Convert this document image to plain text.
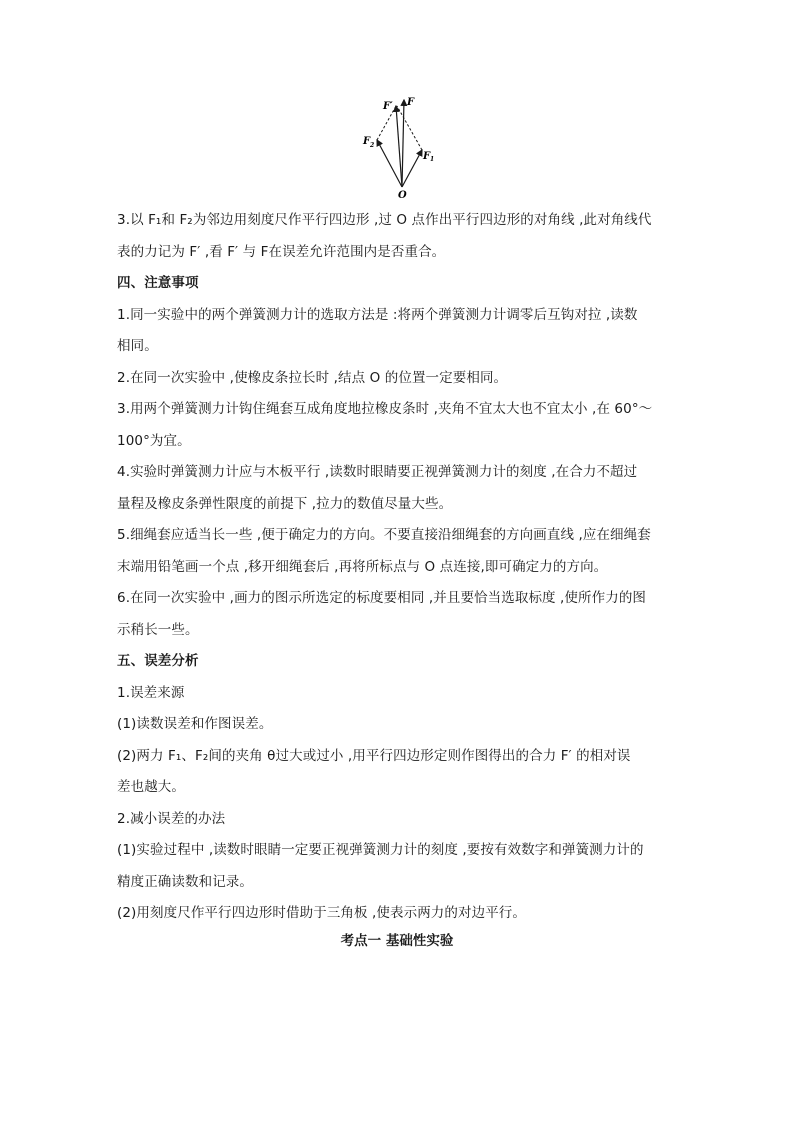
F′ F
F 2
F 1
O
3.以 F₁和 F₂为邻边用刻度尺作平行四边形 ,过 O 点作出平行四边形的对角线 ,此对角线代
表的力记为 F′ ,看 F′ 与 F在误差允许范围内是否重合。
四、注意事项
1.同一实验中的两个弹簧测力计的选取方法是 :将两个弹簧测力计调零后互钩对拉 ,读数
相同。
2.在同一次实验中 ,使橡皮条拉长时 ,结点 O 的位置一定要相同。
3.用两个弹簧测力计钩住绳套互成角度地拉橡皮条时 ,夹角不宜太大也不宜太小 ,在 60°～
100°为宜。
4.实验时弹簧测力计应与木板平行 ,读数时眼睛要正视弹簧测力计的刻度 ,在合力不超过
量程及橡皮条弹性限度的前提下 ,拉力的数值尽量大些。
5.细绳套应适当长一些 ,便于确定力的方向。不要直接沿细绳套的方向画直线 ,应在细绳套
末端用铅笔画一个点 ,移开细绳套后 ,再将所标点与 O 点连接,即可确定力的方向。
6.在同一次实验中 ,画力的图示所选定的标度要相同 ,并且要恰当选取标度 ,使所作力的图
示稍长一些。
五、误差分析
1.误差来源
(1)读数误差和作图误差。
(2)两力 F₁、F₂间的夹角 θ过大或过小 ,用平行四边形定则作图得出的合力 F′ 的相对误
差也越大。
2.减小误差的办法
(1)实验过程中 ,读数时眼睛一定要正视弹簧测力计的刻度 ,要按有效数字和弹簧测力计的
精度正确读数和记录。
(2)用刻度尺作平行四边形时借助于三角板 ,使表示两力的对边平行。
考点一 基础性实验
